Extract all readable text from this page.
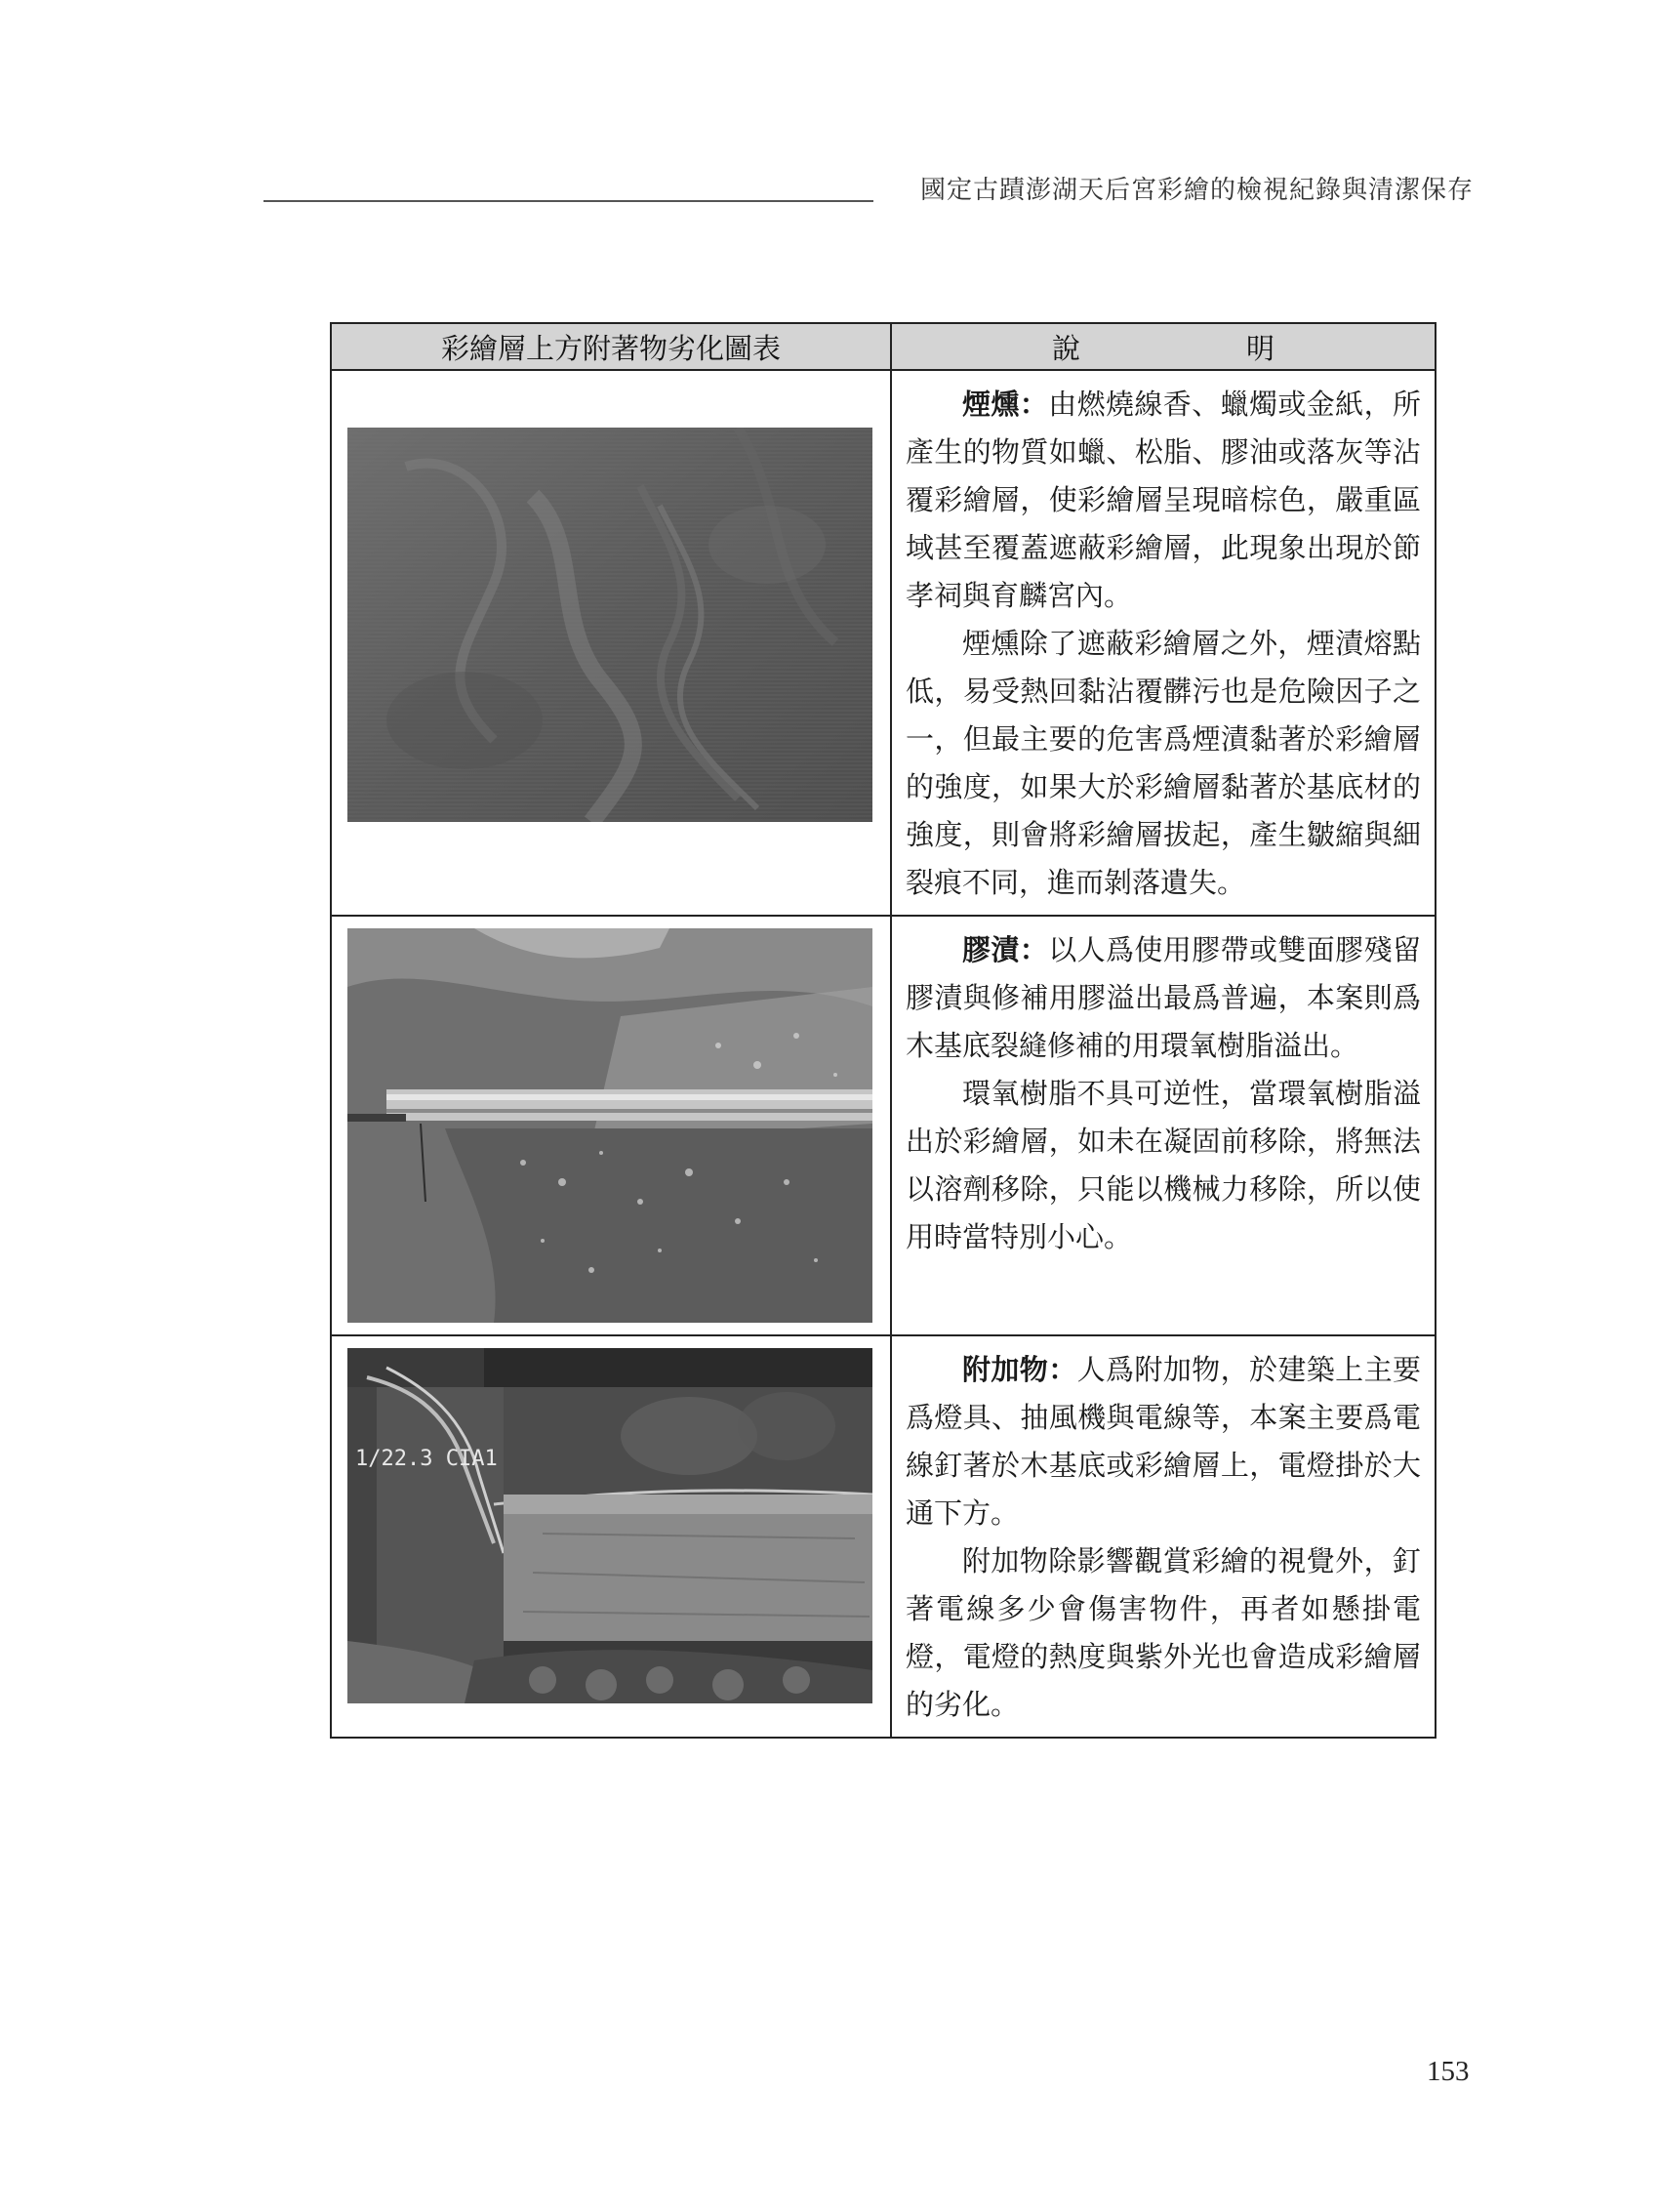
國定古蹟澎湖天后宮彩繪的檢視紀錄與清潔保存
彩繪層上方附著物劣化圖表	說 明

煙燻：由燃燒線香、蠟燭或金紙，所產生的物質如蠟、松脂、膠油或落灰等沾覆彩繪層，使彩繪層呈現暗棕色，嚴重區域甚至覆蓋遮蔽彩繪層，此現象出現於節孝祠與育麟宮內。

煙燻除了遮蔽彩繪層之外，煙漬熔點低，易受熱回黏沾覆髒污也是危險因子之一，但最主要的危害爲煙漬黏著於彩繪層的強度，如果大於彩繪層黏著於基底材的強度，則會將彩繪層拔起，產生皺縮與細裂痕不同，進而剝落遺失。

膠漬：以人爲使用膠帶或雙面膠殘留膠漬與修補用膠溢出最爲普遍，本案則爲木基底裂縫修補的用環氧樹脂溢出。

環氧樹脂不具可逆性，當環氧樹脂溢出於彩繪層，如未在凝固前移除，將無法以溶劑移除，只能以機械力移除，所以使用時當特別小心。

1/22.3 CIA1	附加物：人爲附加物，於建築上主要爲燈具、抽風機與電線等，本案主要爲電線釘著於木基底或彩繪層上，電燈掛於大通下方。

附加物除影響觀賞彩繪的視覺外，釘著電線多少會傷害物件，再者如懸掛電燈，電燈的熱度與紫外光也會造成彩繪層的劣化。

153
